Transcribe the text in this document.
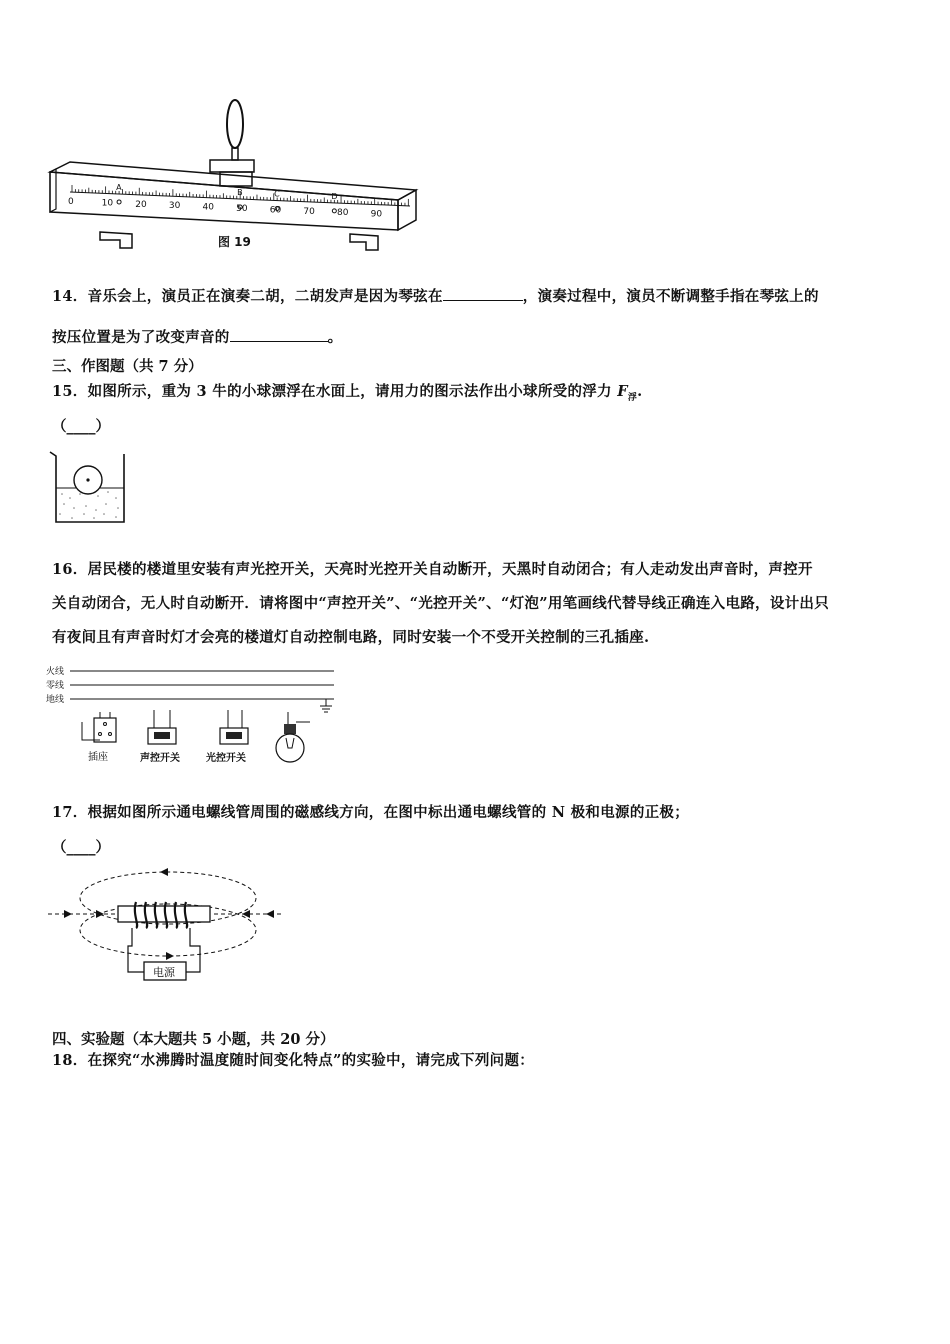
0	10 20 30 40 50 60 70 80 90
A
B	C	D
图 19
14．音乐会上，演员正在演奏二胡，二胡发声是因为琴弦在	，演奏过程中，演员不断调整手指在琴弦上的
按压位置是为了改变声音的	。
三、作图题（共 7 分）
15．如图所示，重为 3 牛的小球漂浮在水面上，请用力的图示法作出小球所受的浮力 $F_浮$.
（____）
16．居民楼的楼道里安装有声光控开关，天亮时光控开关自动断开，天黑时自动闭合；有人走动发出声音时，声控开
关自动闭合，无人时自动断开．请将图中“声控开关”、“光控开关”、“灯泡”用笔画线代替导线正确连入电路，设计出只
有夜间且有声音时灯才会亮的楼道灯自动控制电路，同时安装一个不受开关控制的三孔插座.
火线
零线
地线
插座	声控开关	光控开关
17．根据如图所示通电螺线管周围的磁感线方向，在图中标出通电螺线管的 N 极和电源的正极；
（____）
电源
四、实验题（本大题共 5 小题，共 20 分）
18．在探究“水沸腾时温度随时间变化特点”的实验中，请完成下列问题：
